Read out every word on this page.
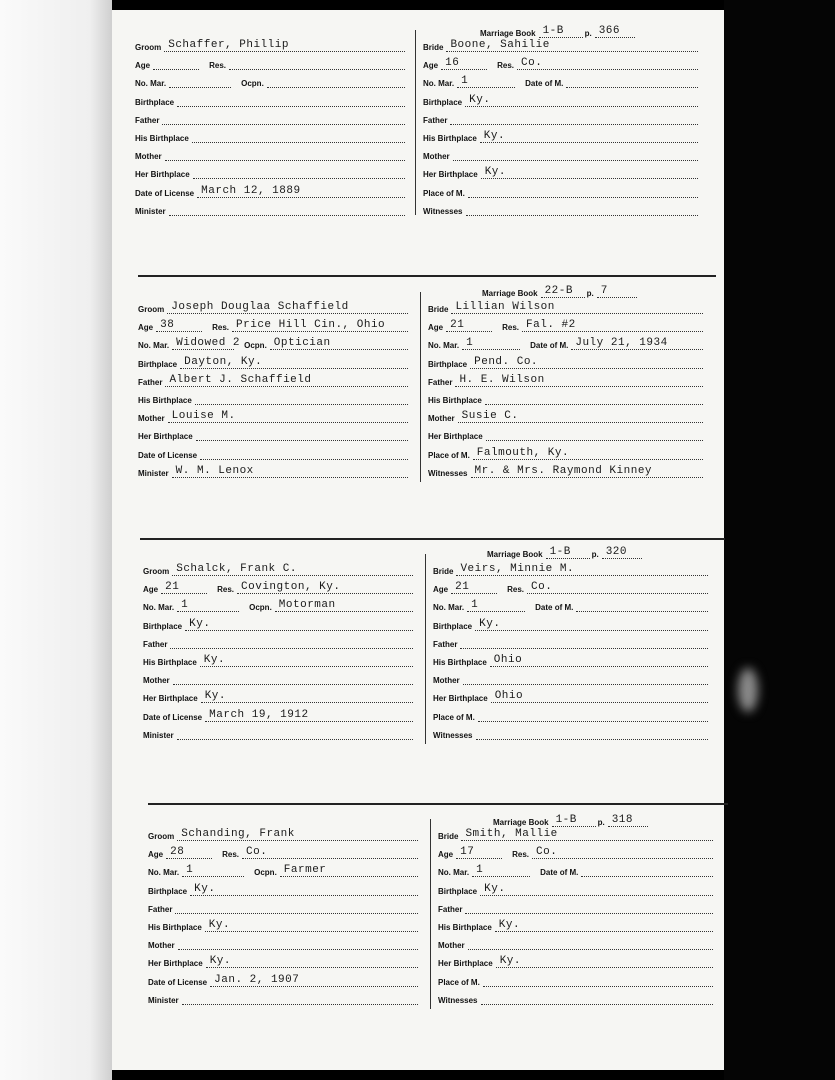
Marriage Book 1-B	p. 366
Groom Schaffer, Phillip
Age	Res.
No. Mar.	Ocpn.
Birthplace
Father
His Birthplace
Mother
Her Birthplace
Date of License March 12, 1889
Minister
Bride Boone, Sahilie
Age 16	Res. Co.
No. Mar. 1	Date of M.
Birthplace Ky.
Father
His Birthplace Ky.
Mother
Her Birthplace Ky.
Place of M.
Witnesses
Marriage Book 22-B p. 7
Groom Joseph Douglaa Schaffield
Age 38	Res. Price Hill Cin., Ohio
No. Mar. Widowed 2 Ocpn. Optician
Birthplace Dayton, Ky.
Father Albert J. Schaffield
His Birthplace
Mother Louise M.
Her Birthplace
Date of License
Minister W. M. Lenox
Bride Lillian Wilson
Age 21	Res. Fal. #2
No. Mar. 1	Date of M. July 21, 1934
Birthplace Pend. Co.
Father H. E. Wilson
His Birthplace
Mother Susie C.
Her Birthplace
Place of M. Falmouth, Ky.
Witnesses Mr. & Mrs. Raymond Kinney
Marriage Book 1-B	p. 320
Groom Schalck, Frank C.
Age 21	Res. Covington, Ky.
No. Mar. 1	Ocpn. Motorman
Birthplace Ky.
Father
His Birthplace Ky.
Mother
Her Birthplace Ky.
Date of License March 19, 1912
Minister
Bride Veirs, Minnie M.
Age 21	Res. Co.
No. Mar. 1	Date of M.
Birthplace Ky.
Father
His Birthplace Ohio
Mother
Her Birthplace Ohio
Place of M.
Witnesses
Marriage Book 1-B	p. 318
Groom Schanding, Frank
Age 28	Res. Co.
No. Mar. 1	Ocpn. Farmer
Birthplace Ky.
Father
His Birthplace Ky.
Mother
Her Birthplace Ky.
Date of License Jan. 2, 1907
Minister
Bride Smith, Mallie
Age 17	Res. Co.
No. Mar. 1	Date of M.
Birthplace Ky.
Father
His Birthplace Ky.
Mother
Her Birthplace Ky.
Place of M.
Witnesses
